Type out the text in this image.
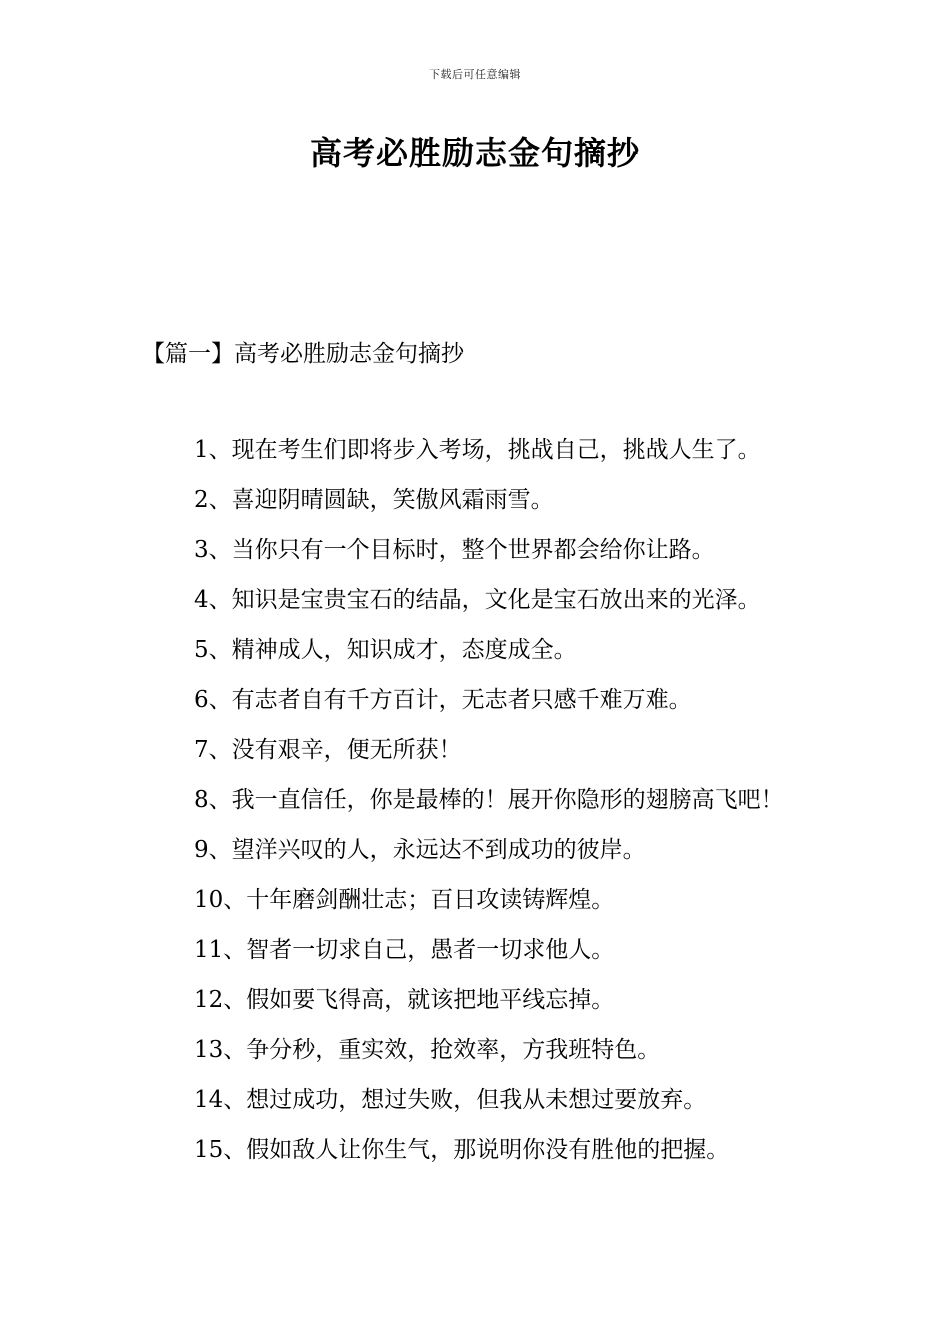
下载后可任意编辑
高考必胜励志金句摘抄
【篇一】高考必胜励志金句摘抄
1、现在考生们即将步入考场，挑战自己，挑战人生了。
2、喜迎阴晴圆缺，笑傲风霜雨雪。
3、当你只有一个目标时，整个世界都会给你让路。
4、知识是宝贵宝石的结晶，文化是宝石放出来的光泽。
5、精神成人，知识成才，态度成全。
6、有志者自有千方百计，无志者只感千难万难。
7、没有艰辛，便无所获！
8、我一直信任，你是最棒的！展开你隐形的翅膀高飞吧！
9、望洋兴叹的人，永远达不到成功的彼岸。
10、十年磨剑酬壮志；百日攻读铸辉煌。
11、智者一切求自己，愚者一切求他人。
12、假如要飞得高，就该把地平线忘掉。
13、争分秒，重实效，抢效率，方我班特色。
14、想过成功，想过失败，但我从未想过要放弃。
15、假如敌人让你生气，那说明你没有胜他的把握。
